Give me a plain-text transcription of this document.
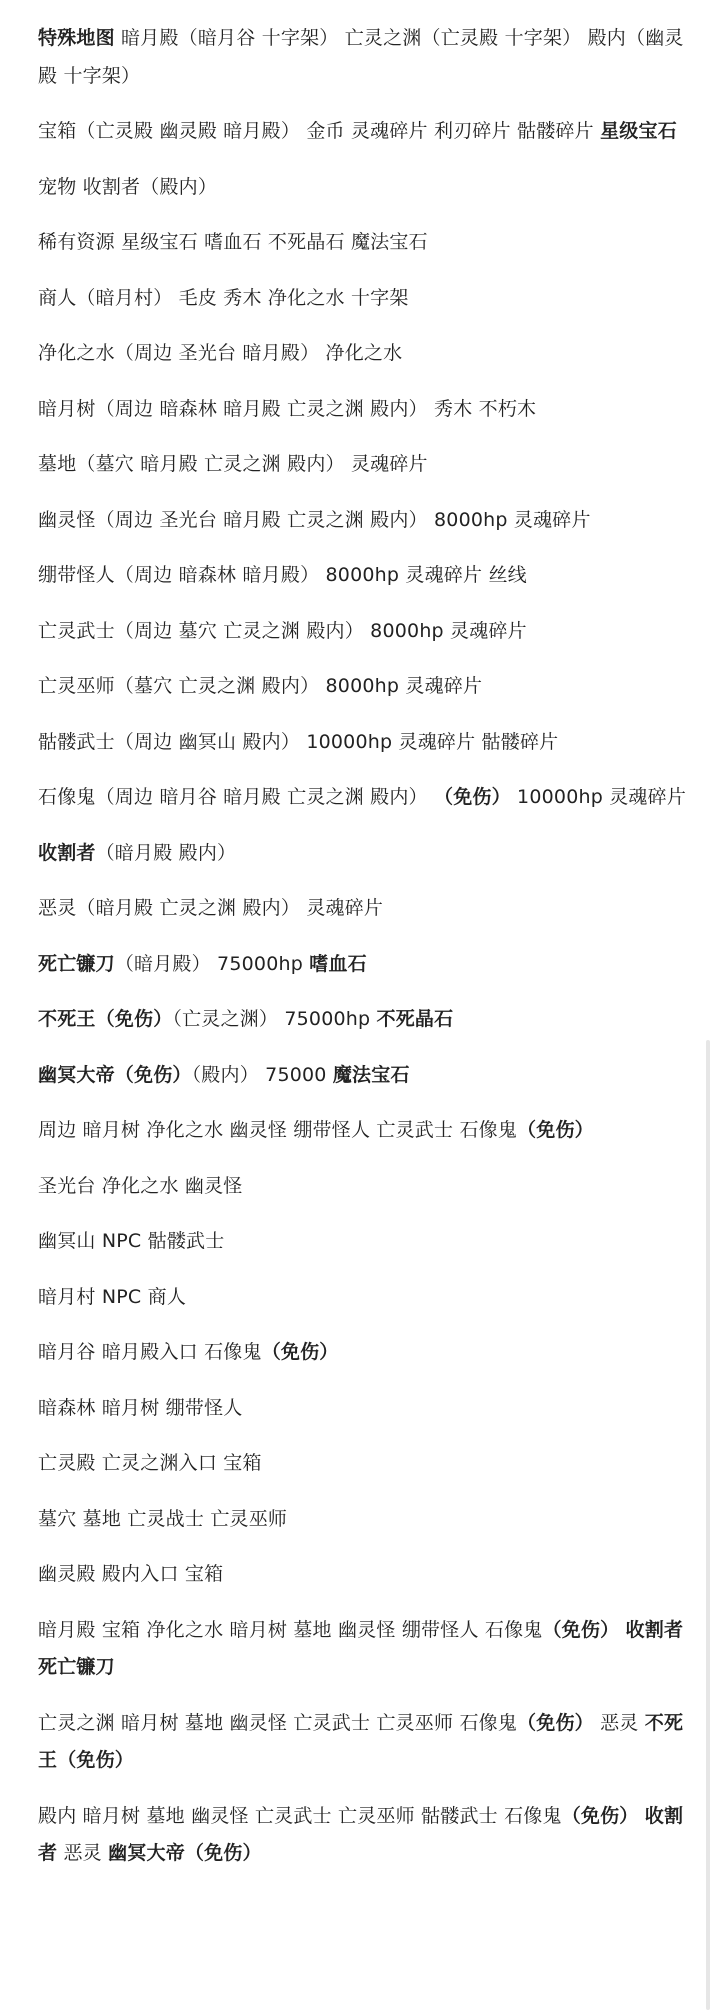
特殊地图 暗月殿（暗月谷 十字架） 亡灵之渊（亡灵殿 十字架） 殿内（幽灵殿 十字架）

宝箱（亡灵殿 幽灵殿 暗月殿） 金币 灵魂碎片 利刃碎片 骷髅碎片 星级宝石

宠物 收割者（殿内）

稀有资源 星级宝石 嗜血石 不死晶石 魔法宝石

商人（暗月村） 毛皮 秀木 净化之水 十字架

净化之水（周边 圣光台 暗月殿） 净化之水

暗月树（周边 暗森林 暗月殿 亡灵之渊 殿内） 秀木 不朽木

墓地（墓穴 暗月殿 亡灵之渊 殿内） 灵魂碎片

幽灵怪（周边 圣光台 暗月殿 亡灵之渊 殿内） 8000hp 灵魂碎片

绷带怪人（周边 暗森林 暗月殿） 8000hp 灵魂碎片 丝线

亡灵武士（周边 墓穴 亡灵之渊 殿内） 8000hp 灵魂碎片

亡灵巫师（墓穴 亡灵之渊 殿内） 8000hp 灵魂碎片

骷髅武士（周边 幽冥山 殿内） 10000hp 灵魂碎片 骷髅碎片

石像鬼（周边 暗月谷 暗月殿 亡灵之渊 殿内） （免伤） 10000hp 灵魂碎片

收割者（暗月殿 殿内）

恶灵（暗月殿 亡灵之渊 殿内） 灵魂碎片

死亡镰刀（暗月殿） 75000hp 嗜血石

不死王（免伤）（亡灵之渊） 75000hp 不死晶石

幽冥大帝（免伤）（殿内） 75000 魔法宝石

周边 暗月树 净化之水 幽灵怪 绷带怪人 亡灵武士 石像鬼（免伤）

圣光台 净化之水 幽灵怪

幽冥山 NPC 骷髅武士

暗月村 NPC 商人

暗月谷 暗月殿入口 石像鬼（免伤）

暗森林 暗月树 绷带怪人

亡灵殿 亡灵之渊入口 宝箱

墓穴 墓地 亡灵战士 亡灵巫师

幽灵殿 殿内入口 宝箱

暗月殿 宝箱 净化之水 暗月树 墓地 幽灵怪 绷带怪人 石像鬼（免伤） 收割者 死亡镰刀

亡灵之渊 暗月树 墓地 幽灵怪 亡灵武士 亡灵巫师 石像鬼（免伤） 恶灵 不死王（免伤）

殿内 暗月树 墓地 幽灵怪 亡灵武士 亡灵巫师 骷髅武士 石像鬼（免伤） 收割者 恶灵 幽冥大帝（免伤）
